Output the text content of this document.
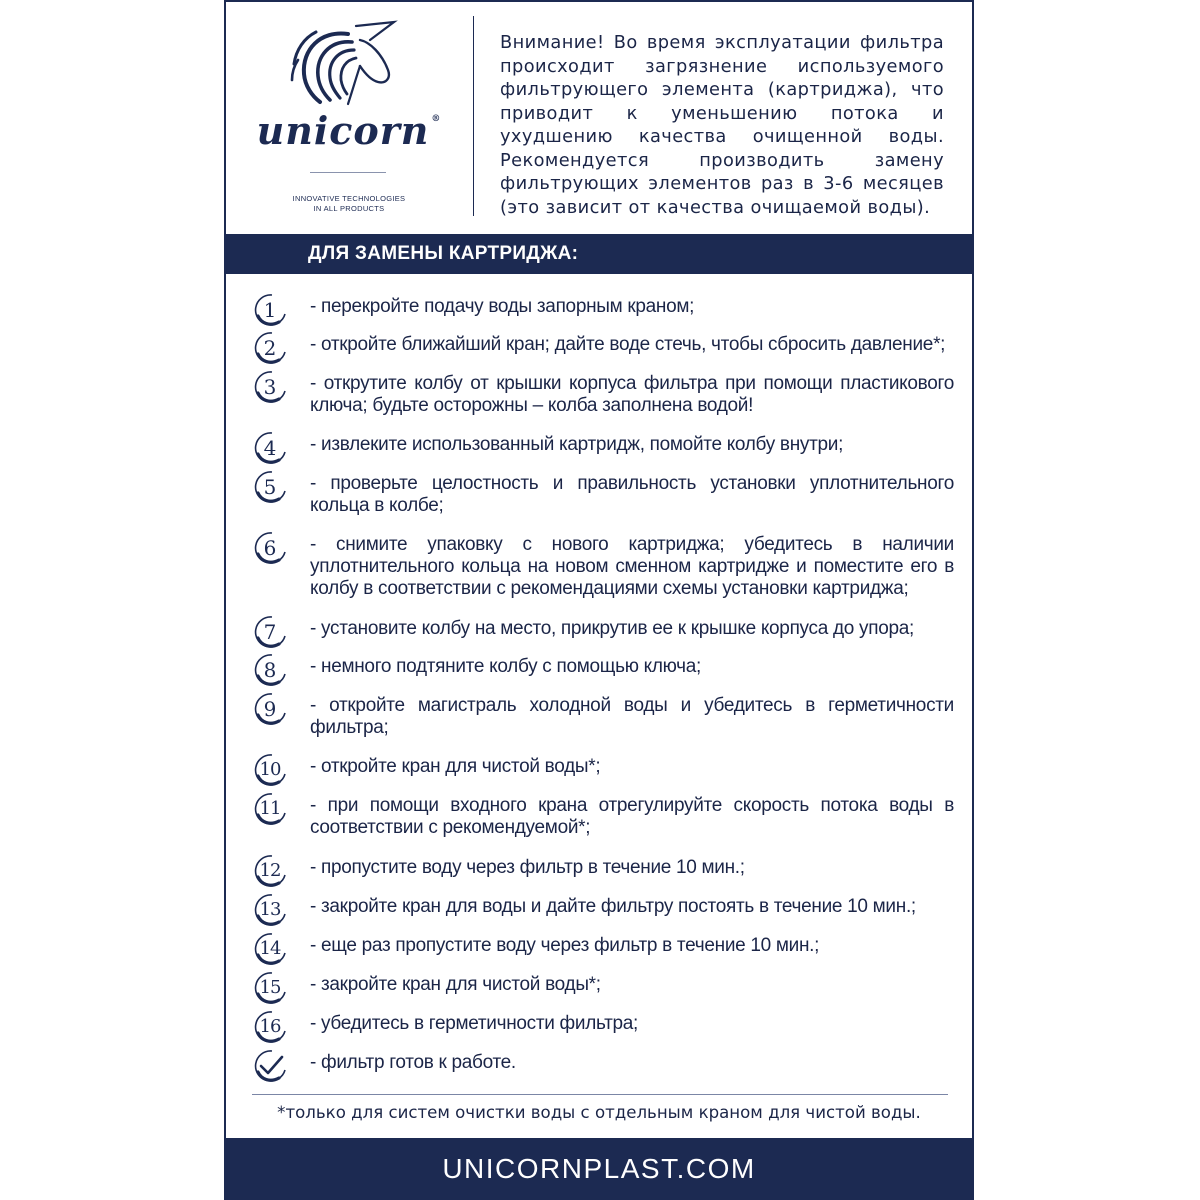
unicorn ®
INNOVATIVE TECHNOLOGIES
IN ALL PRODUCTS
Внимание! Во время эксплуатации фильтра происходит загрязнение используемого фильтрующего элемента (картриджа), что приводит к уменьшению потока и ухудшению качества очищенной воды. Рекомендуется производить замену фильтрующих элементов раз в 3-6 месяцев (это зависит от качества очищаемой воды).
ДЛЯ ЗАМЕНЫ КАРТРИДЖА:
1	- перекройте подачу воды запорным краном;
2	- откройте ближайший кран; дайте воде стечь, чтобы сбросить давление*;
3	- открутите колбу от крышки корпуса фильтра при помощи пластикового ключа; будьте осторожны – колба заполнена водой!
4	- извлеките использованный картридж, помойте колбу внутри;
5	- проверьте целостность и правильность установки уплотнительного кольца в колбе;
6	- снимите упаковку с нового картриджа; убедитесь в наличии уплотнительного кольца на новом сменном картридже и поместите его в колбу в соответствии с рекомендациями схемы установки картриджа;
7	- установите колбу на место, прикрутив ее к крышке корпуса до упора;
8	- немного подтяните колбу с помощью ключа;
9	- откройте магистраль холодной воды и убедитесь в герметичности фильтра;
10 - откройте кран для чистой воды*;
11 - при помощи входного крана отрегулируйте скорость потока воды в соответствии с рекомендуемой*;
12 - пропустите воду через фильтр в течение 10 мин.;
13 - закройте кран для воды и дайте фильтру постоять в течение 10 мин.;
14 - еще раз пропустите воду через фильтр в течение 10 мин.;
15 - закройте кран для чистой воды*;
16 - убедитесь в герметичности фильтра;
- фильтр готов к работе.
*только для систем очистки воды с отдельным краном для чистой воды.
UNICORNPLAST.COM
